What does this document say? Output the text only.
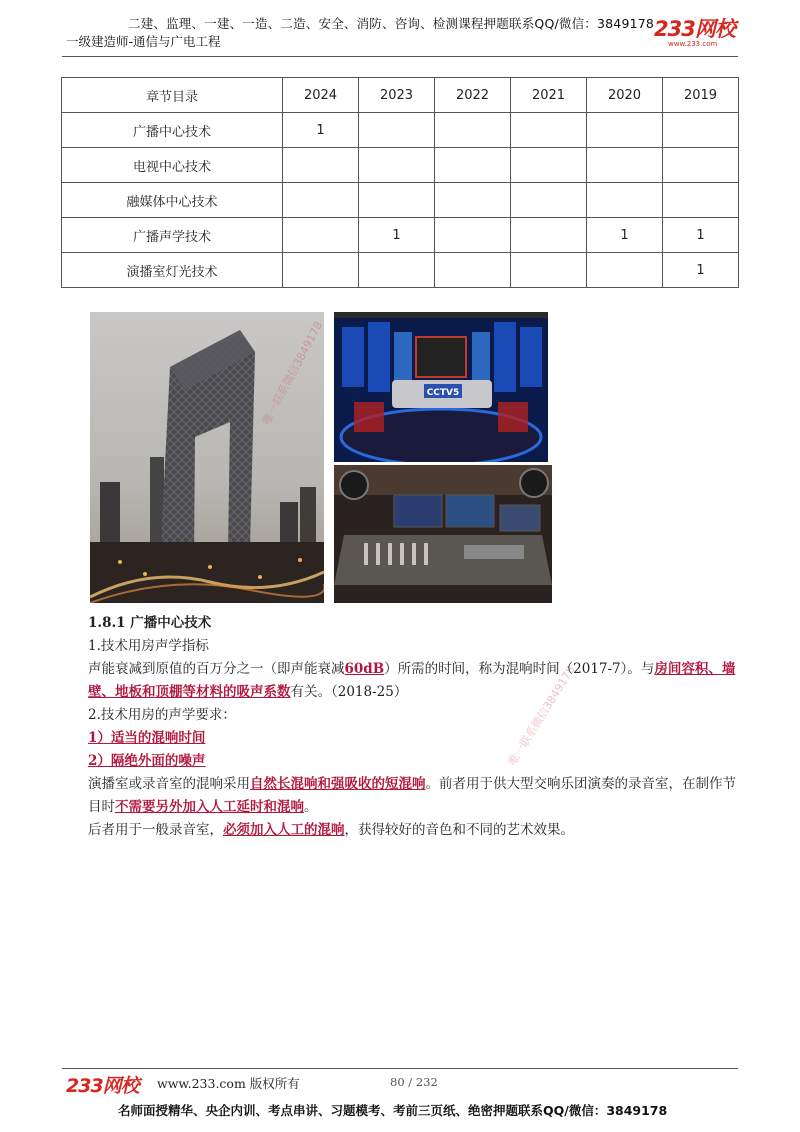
二建、监理、一建、一造、二造、安全、消防、咨询、检测课程押题联系QQ/微信：3849178
一级建造师-通信与广电工程
233网校
www.233.com
章节目录	2024	2023	2022	2021	2020	2019
广播中心技术	1					
电视中心技术						
融媒体中心技术						
广播声学技术		1			1	1
演播室灯光技术						1
CCTV5
唯一联系微信3849178
唯一联系微信3849178

1.8.1 广播中心技术

1.技术用房声学指标

声能衰减到原值的百万分之一（即声能衰减60dB）所需的时间，称为混响时间（2017-7）。与房间容积、墙壁、地板和顶棚等材料的吸声系数有关。（2018-25）

2.技术用房的声学要求：

1）适当的混响时间

2）隔绝外面的噪声

演播室或录音室的混响采用自然长混响和强吸收的短混响。前者用于供大型交响乐团演奏的录音室，在制作节目时不需要另外加入人工延时和混响。

后者用于一般录音室，必须加入人工的混响，获得较好的音色和不同的艺术效果。

233网校 www.233.com 版权所有	80 / 232
名师面授精华、央企内训、考点串讲、习题模考、考前三页纸、绝密押题联系QQ/微信：3849178
